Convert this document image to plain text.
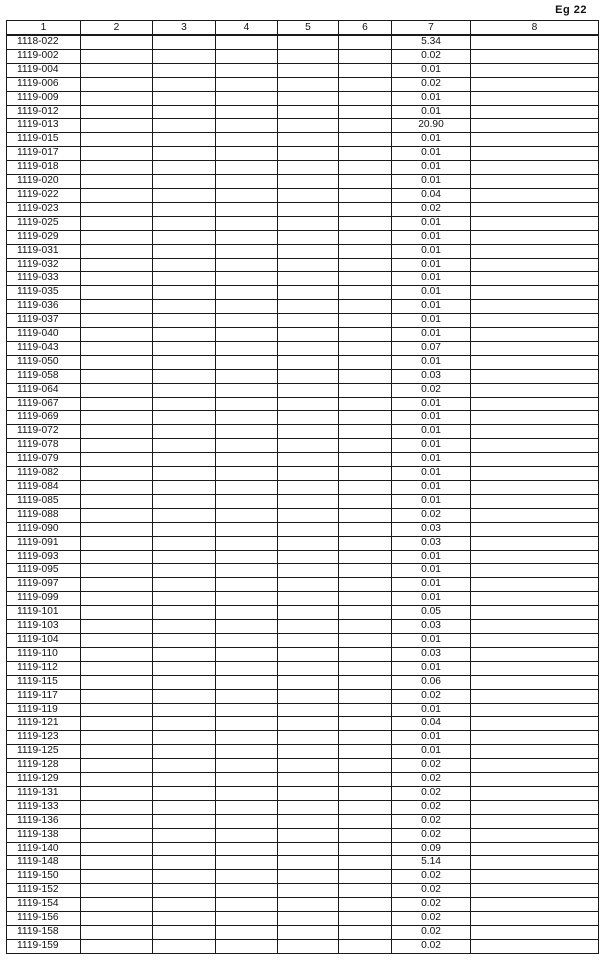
Eg 22
1	2	3	4	5	6	7	8
1118-022						5.34	
1119-002						0.02	
1119-004						0.01	
1119-006						0.02	
1119-009						0.01	
1119-012						0.01	
1119-013						20.90	
1119-015						0.01	
1119-017						0.01	
1119-018						0.01	
1119-020						0.01	
1119-022						0.04	
1119-023						0.02	
1119-025						0.01	
1119-029						0.01	
1119-031						0.01	
1119-032						0.01	
1119-033						0.01	
1119-035						0.01	
1119-036						0.01	
1119-037						0.01	
1119-040						0.01	
1119-043						0.07	
1119-050						0.01	
1119-058						0.03	
1119-064						0.02	
1119-067						0.01	
1119-069						0.01	
1119-072						0.01	
1119-078						0.01	
1119-079						0.01	
1119-082						0.01	
1119-084						0.01	
1119-085						0.01	
1119-088						0.02	
1119-090						0.03	
1119-091						0.03	
1119-093						0.01	
1119-095						0.01	
1119-097						0.01	
1119-099						0.01	
1119-101						0.05	
1119-103						0.03	
1119-104						0.01	
1119-110						0.03	
1119-112						0.01	
1119-115						0.06	
1119-117						0.02	
1119-119						0.01	
1119-121						0.04	
1119-123						0.01	
1119-125						0.01	
1119-128						0.02	
1119-129						0.02	
1119-131						0.02	
1119-133						0.02	
1119-136						0.02	
1119-138						0.02	
1119-140						0.09	
1119-148						5.14	
1119-150						0.02	
1119-152						0.02	
1119-154						0.02	
1119-156						0.02	
1119-158						0.02	
1119-159						0.02	
